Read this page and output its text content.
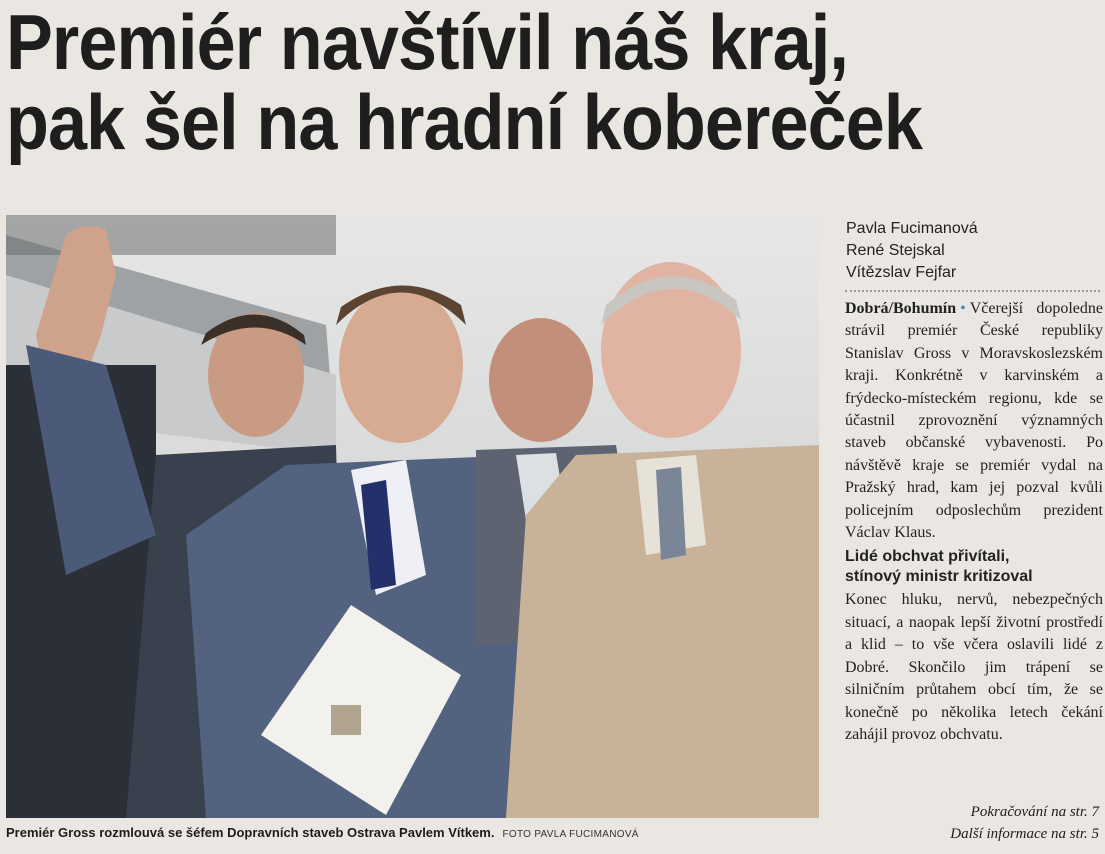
Premiér navštívil náš kraj,
pak šel na hradní kobereček
Premiér Gross rozmlouvá se šéfem Dopravních staveb Ostrava Pavlem Vítkem. FOTO PAVLA FUCIMANOVÁ
Pavla Fucimanová
René Stejskal
Vítězslav Fejfar

Dobrá/Bohumín • Včerejší dopoledne strávil premiér České republiky Stanislav Gross v Moravskoslezském kraji. Konkrétně v karvinském a frýdecko-místeckém regionu, kde se účastnil zprovoznění významných staveb občanské vybavenosti. Po návštěvě kraje se premiér vydal na Pražský hrad, kam jej pozval kvůli policejním odposlechům prezident Václav Klaus.

Lidé obchvat přivítali,
stínový ministr kritizoval

Konec hluku, nervů, nebezpečných situací, a naopak lepší životní prostředí a klid – to vše včera oslavili lidé z Dobré. Skončilo jim trápení se silničním průtahem obcí tím, že se konečně po několika letech čekání zahájil provoz obchvatu.

Pokračování na str. 7
Další informace na str. 5
